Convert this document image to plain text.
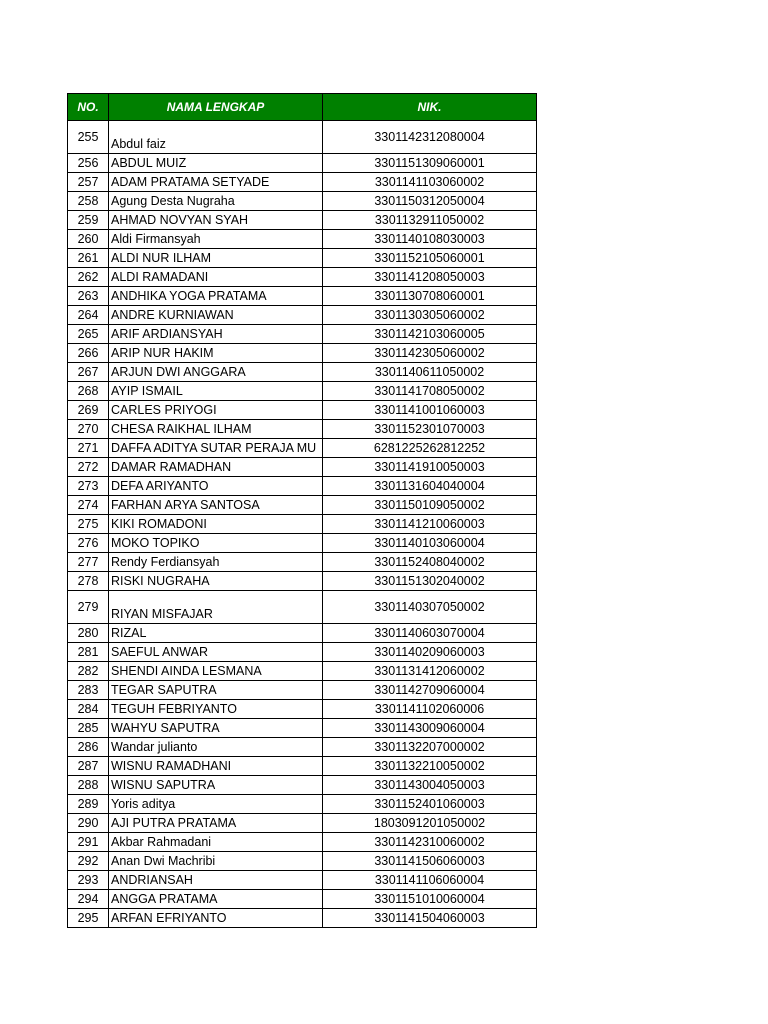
NO.	NAMA LENGKAP	NIK.
255	Abdul faiz	3301142312080004
256	ABDUL MUIZ	3301151309060001
257	ADAM PRATAMA SETYADE	3301141103060002
258	Agung Desta Nugraha	3301150312050004
259	AHMAD NOVYAN SYAH	3301132911050002
260	Aldi Firmansyah	3301140108030003
261	ALDI NUR ILHAM	3301152105060001
262	ALDI RAMADANI	3301141208050003
263	ANDHIKA YOGA PRATAMA	3301130708060001
264	ANDRE KURNIAWAN	3301130305060002
265	ARIF ARDIANSYAH	3301142103060005
266	ARIP NUR HAKIM	3301142305060002
267	ARJUN DWI ANGGARA	3301140611050002
268	AYIP ISMAIL	3301141708050002
269	CARLES PRIYOGI	3301141001060003
270	CHESA RAIKHAL ILHAM	3301152301070003
271	DAFFA ADITYA SUTAR PERAJA MU	6281225262812252
272	DAMAR RAMADHAN	3301141910050003
273	DEFA ARIYANTO	3301131604040004
274	FARHAN ARYA SANTOSA	3301150109050002
275	KIKI ROMADONI	3301141210060003
276	MOKO TOPIKO	3301140103060004
277	Rendy Ferdiansyah	3301152408040002
278	RISKI NUGRAHA	3301151302040002
279	RIYAN MISFAJAR	3301140307050002
280	RIZAL	3301140603070004
281	SAEFUL ANWAR	3301140209060003
282	SHENDI AINDA LESMANA	3301131412060002
283	TEGAR SAPUTRA	3301142709060004
284	TEGUH FEBRIYANTO	3301141102060006
285	WAHYU SAPUTRA	3301143009060004
286	Wandar julianto	3301132207000002
287	WISNU RAMADHANI	3301132210050002
288	WISNU SAPUTRA	3301143004050003
289	Yoris aditya	3301152401060003
290	AJI PUTRA PRATAMA	1803091201050002
291	Akbar Rahmadani	3301142310060002
292	Anan Dwi Machribi	3301141506060003
293	ANDRIANSAH	3301141106060004
294	ANGGA PRATAMA	3301151010060004
295	ARFAN EFRIYANTO	3301141504060003
